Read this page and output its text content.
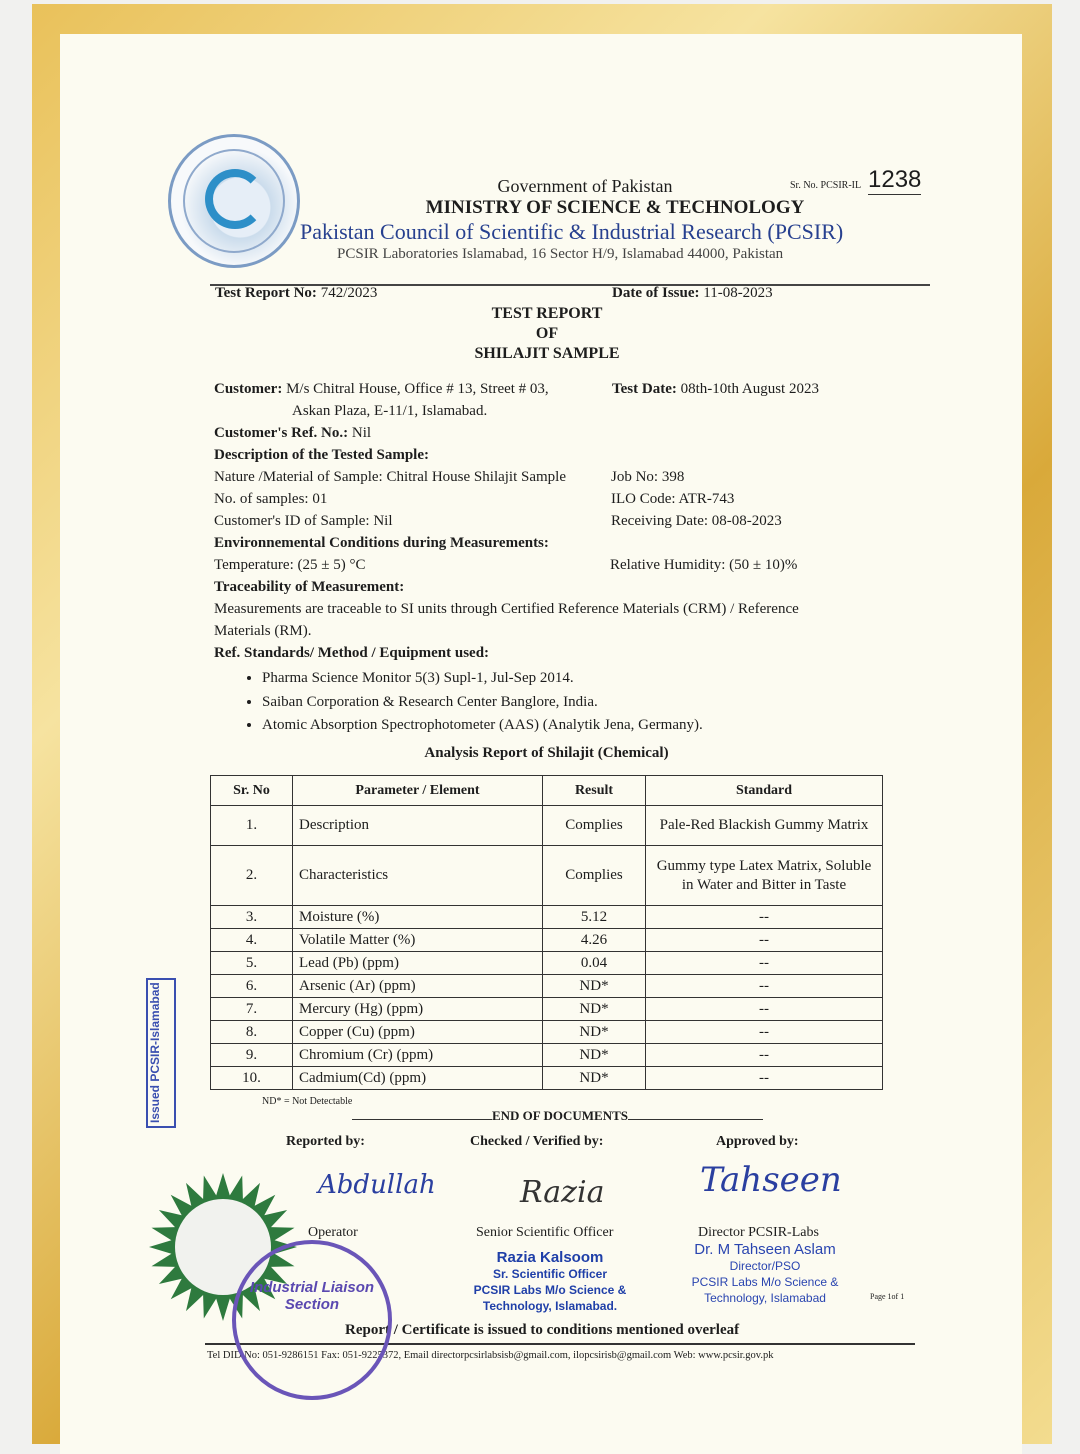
Government of Pakistan	Sr. No. PCSIR-IL 1238
MINISTRY OF SCIENCE & TECHNOLOGY
Pakistan Council of Scientific & Industrial Research (PCSIR)
PCSIR Laboratories Islamabad, 16 Sector H/9, Islamabad 44000, Pakistan
Test Report No: 742/2023	Date of Issue: 11-08-2023
TEST REPORT
OF
SHILAJIT SAMPLE
Customer: M/s Chitral House, Office # 13, Street # 03,
Askan Plaza, E-11/1, Islamabad.
Test Date: 08th-10th August 2023
Customer's Ref. No.: Nil
Description of the Tested Sample:
Nature /Material of Sample: Chitral House Shilajit Sample	Job No: 398
No. of samples: 01	ILO Code: ATR-743
Customer's ID of Sample: Nil	Receiving Date: 08-08-2023
Environnemental Conditions during Measurements:
Temperature: (25 ± 5) °C	Relative Humidity: (50 ± 10)%
Traceability of Measurement:
Measurements are traceable to SI units through Certified Reference Materials (CRM) / Reference
Materials (RM).
Ref. Standards/ Method / Equipment used:
• Pharma Science Monitor 5(3) Supl-1, Jul-Sep 2014.
• Saiban Corporation & Research Center Banglore, India.
• Atomic Absorption Spectrophotometer (AAS) (Analytik Jena, Germany).
Analysis Report of Shilajit (Chemical)
Sr. No	Parameter / Element	Result	Standard
1.	Description	Complies	Pale-Red Blackish Gummy Matrix
2.	Characteristics	Complies	Gummy type Latex Matrix, Soluble in Water and Bitter in Taste
3.	Moisture (%)	5.12	--
4.	Volatile Matter (%)	4.26	--
5.	Lead (Pb) (ppm)	0.04	--
6.	Arsenic (Ar) (ppm)	ND*	--
7.	Mercury (Hg) (ppm)	ND*	--
8.	Copper (Cu) (ppm)	ND*	--
9.	Chromium (Cr) (ppm)	ND*	--
10.	Cadmium(Cd) (ppm)	ND*	--
ND* = Not Detectable
END OF DOCUMENTS
Reported by:	Checked / Verified by:	Approved by:
Abdullah	Razia	Tahseen
Operator	Senior Scientific Officer	Director PCSIR-Labs
Razia Kalsoom
Sr. Scientific Officer
PCSIR Labs M/o Science &
Technology, Islamabad.
Dr. M Tahseen Aslam
Director/PSO
PCSIR Labs M/o Science &
Technology, Islamabad	Page 1of 1
Report / Certificate is issued to conditions mentioned overleaf
Tel DID No: 051-9286151 Fax: 051-9225372, Email directorpcsirlabsisb@gmail.com, ilopcsirisb@gmail.com Web: www.pcsir.gov.pk
Issued PCSIR-Islamabad
Industrial Liaison Section
